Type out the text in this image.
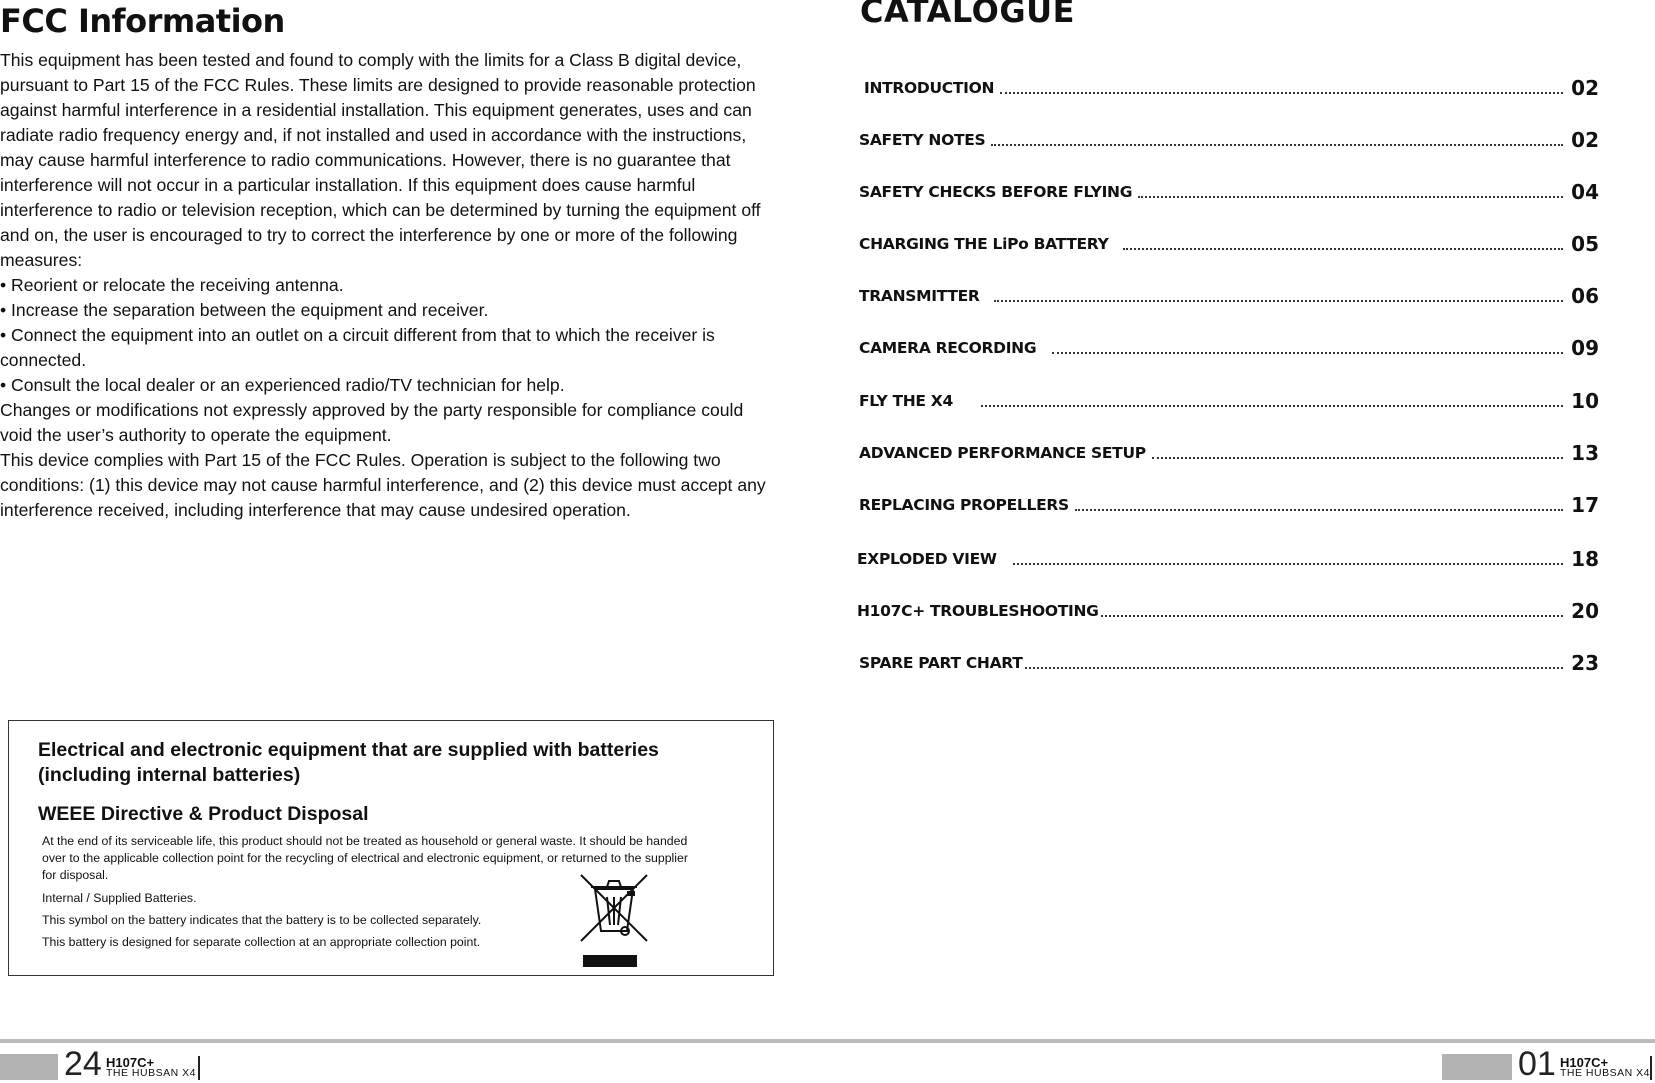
FCC Information

This equipment has been tested and found to comply with the limits for a Class B digital device, pursuant to Part 15 of the FCC Rules. These limits are designed to provide reasonable protection against harmful interference in a residential installation. This equipment generates, uses and can radiate radio frequency energy and, if not installed and used in accordance with the instructions, may cause harmful interference to radio communications. However, there is no guarantee that interference will not occur in a particular installation. If this equipment does cause harmful interference to radio or television reception, which can be determined by turning the equipment off and on, the user is encouraged to try to correct the interference by one or more of the following measures:

• Reorient or relocate the receiving antenna.

• Increase the separation between the equipment and receiver.

• Connect the equipment into an outlet on a circuit different from that to which the receiver is connected.

• Consult the local dealer or an experienced radio/TV technician for help.

Changes or modifications not expressly approved by the party responsible for compliance could void the user’s authority to operate the equipment.

This device complies with Part 15 of the FCC Rules. Operation is subject to the following two conditions: (1) this device may not cause harmful interference, and (2) this device must accept any interference received, including interference that may cause undesired operation.

Electrical and electronic equipment that are supplied with batteries (including internal batteries)
WEEE Directive & Product Disposal

At the end of its serviceable life, this product should not be treated as household or general waste. It should be handed over to the applicable collection point for the recycling of electrical and electronic equipment, or returned to the supplier for disposal.

Internal / Supplied Batteries.

This symbol on the battery indicates that the battery is to be collected separately.

This battery is designed for separate collection at an appropriate collection point.

CATALOGUE
INTRODUCTION	02
SAFETY NOTES	02
SAFETY CHECKS BEFORE FLYING	04
CHARGING THE LiPo BATTERY	05
TRANSMITTER	06
CAMERA RECORDING	09
FLY THE X4	10
ADVANCED PERFORMANCE SETUP	13
REPLACING PROPELLERS	17
EXPLODED VIEW	18
H107C+ TROUBLESHOOTING	20
SPARE PART CHART	23
24 H107C+
THE HUBSAN X4	01 H107C+
THE HUBSAN X4
